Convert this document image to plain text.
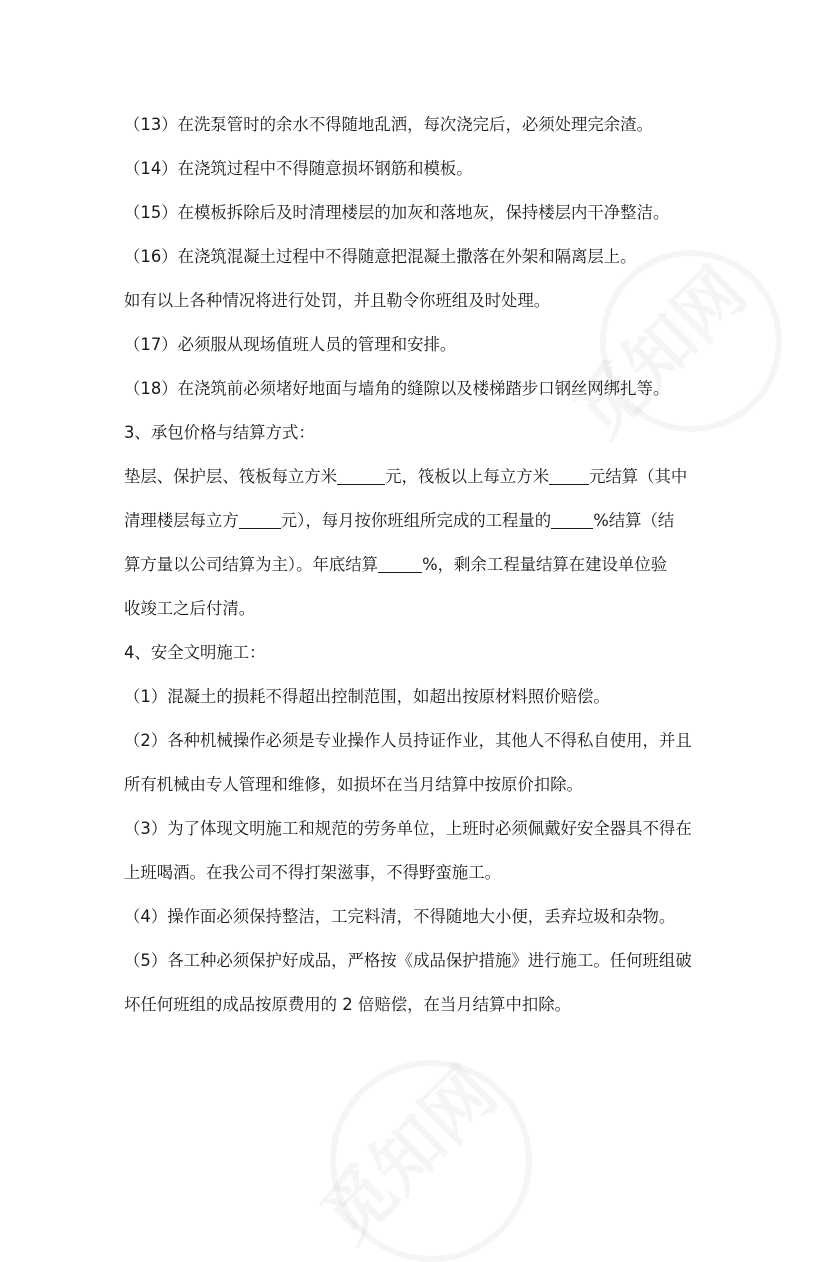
觅知网
觅知网
（13）在洗泵管时的余水不得随地乱洒，每次浇完后，必须处理完余渣。
（14）在浇筑过程中不得随意损坏钢筋和模板。
（15）在模板拆除后及时清理楼层的加灰和落地灰，保持楼层内干净整洁。
（16）在浇筑混凝土过程中不得随意把混凝土撒落在外架和隔离层上。
如有以上各种情况将进行处罚，并且勒令你班组及时处理。
（17）必须服从现场值班人员的管理和安排。
（18）在浇筑前必须堵好地面与墙角的缝隙以及楼梯踏步口钢丝网绑扎等。
3、承包价格与结算方式：
垫层、保护层、筏板每立方米	元，筏板以上每立方米 元结算（其中
清理楼层每立方	元），每月按你班组所完成的工程量的	%结算（结
算方量以公司结算为主）。年底结算	%，剩余工程量结算在建设单位验
收竣工之后付清。
4、安全文明施工：
（1）混凝土的损耗不得超出控制范围，如超出按原材料照价赔偿。
（2）各种机械操作必须是专业操作人员持证作业，其他人不得私自使用，并且
所有机械由专人管理和维修，如损坏在当月结算中按原价扣除。
（3）为了体现文明施工和规范的劳务单位，上班时必须佩戴好安全器具不得在
上班喝酒。在我公司不得打架滋事，不得野蛮施工。
（4）操作面必须保持整洁，工完料清，不得随地大小便，丢弃垃圾和杂物。
（5）各工种必须保护好成品，严格按《成品保护措施》进行施工。任何班组破
坏任何班组的成品按原费用的 2 倍赔偿，在当月结算中扣除。
